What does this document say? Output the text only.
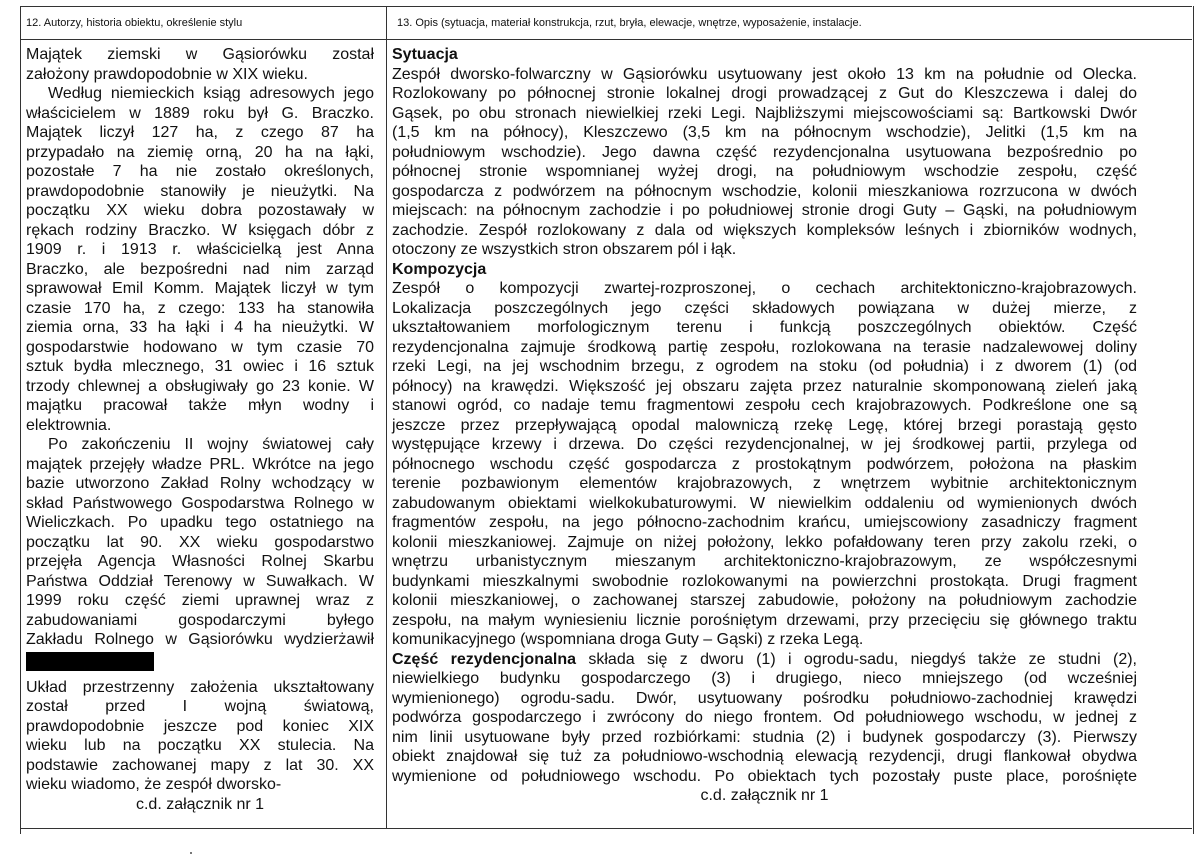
12. Autorzy, historia obiektu, określenie stylu	13. Opis (sytuacja, materiał konstrukcja, rzut, bryła, elewacje, wnętrze, wyposażenie, instalacje.

Majątek ziemski w Gąsiorówku został
założony prawdopodobnie w XIX wieku.

Według niemieckich ksiąg adresowych jego
właścicielem w 1889 roku był G. Braczko.
Majątek liczył 127 ha, z czego 87 ha
przypadało na ziemię orną, 20 ha na łąki,
pozostałe 7 ha nie zostało określonych,
prawdopodobnie stanowiły je nieużytki. Na
początku XX wieku dobra pozostawały w
rękach rodziny Braczko. W księgach dóbr z
1909 r. i 1913 r. właścicielką jest Anna
Braczko, ale bezpośredni nad nim zarząd
sprawował Emil Komm. Majątek liczył w tym
czasie 170 ha, z czego: 133 ha stanowiła
ziemia orna, 33 ha łąki i 4 ha nieużytki. W
gospodarstwie hodowano w tym czasie 70
sztuk bydła mlecznego, 31 owiec i 16 sztuk
trzody chlewnej a obsługiwały go 23 konie. W
majątku pracował także młyn wodny i
elektrownia.

Po zakończeniu II wojny światowej cały
majątek przejęły władze PRL. Wkrótce na jego
bazie utworzono Zakład Rolny wchodzący w
skład Państwowego Gospodarstwa Rolnego w
Wieliczkach. Po upadku tego ostatniego na
początku lat 90. XX wieku gospodarstwo
przejęła Agencja Własności Rolnej Skarbu
Państwa Oddział Terenowy w Suwałkach. W
1999 roku część ziemi uprawnej wraz z
zabudowaniami gospodarczymi byłego
Zakładu Rolnego w Gąsiorówku wydzierżawił

Układ przestrzenny założenia ukształtowany
został przed I wojną światową,
prawdopodobnie jeszcze pod koniec XIX
wieku lub na początku XX stulecia. Na
podstawie zachowanej mapy z lat 30. XX
wieku wiadomo, że zespół dworsko-

c.d. załącznik nr 1

Sytuacja

Zespół dworsko-folwarczny w Gąsiorówku usytuowany jest około 13 km na południe od Olecka.
Rozlokowany po północnej stronie lokalnej drogi prowadzącej z Gut do Kleszczewa i dalej do
Gąsek, po obu stronach niewielkiej rzeki Legi. Najbliższymi miejscowościami są: Bartkowski Dwór
(1,5 km na północy), Kleszczewo (3,5 km na północnym wschodzie), Jelitki (1,5 km na
południowym wschodzie). Jego dawna część rezydencjonalna usytuowana bezpośrednio po
północnej stronie wspomnianej wyżej drogi, na południowym wschodzie zespołu, część
gospodarcza z podwórzem na północnym wschodzie, kolonii mieszkaniowa rozrzucona w dwóch
miejscach: na północnym zachodzie i po południowej stronie drogi Guty – Gąski, na południowym
zachodzie. Zespół rozlokowany z dala od większych kompleksów leśnych i zbiorników wodnych,
otoczony ze wszystkich stron obszarem pól i łąk.

Kompozycja

Zespół o kompozycji zwartej-rozproszonej, o cechach architektoniczno-krajobrazowych.
Lokalizacja poszczególnych jego części składowych powiązana w dużej mierze, z
ukształtowaniem morfologicznym terenu i funkcją poszczególnych obiektów. Część
rezydencjonalna zajmuje środkową partię zespołu, rozlokowana na terasie nadzalewowej doliny
rzeki Legi, na jej wschodnim brzegu, z ogrodem na stoku (od południa) i z dworem (1) (od
północy) na krawędzi. Większość jej obszaru zajęta przez naturalnie skomponowaną zieleń jaką
stanowi ogród, co nadaje temu fragmentowi zespołu cech krajobrazowych. Podkreślone one są
jeszcze przez przepływającą opodal malowniczą rzekę Legę, której brzegi porastają gęsto
występujące krzewy i drzewa. Do części rezydencjonalnej, w jej środkowej partii, przylega od
północnego wschodu część gospodarcza z prostokątnym podwórzem, położona na płaskim
terenie pozbawionym elementów krajobrazowych, z wnętrzem wybitnie architektonicznym
zabudowanym obiektami wielkokubaturowymi. W niewielkim oddaleniu od wymienionych dwóch
fragmentów zespołu, na jego północno-zachodnim krańcu, umiejscowiony zasadniczy fragment
kolonii mieszkaniowej. Zajmuje on niżej położony, lekko pofałdowany teren przy zakolu rzeki, o
wnętrzu urbanistycznym mieszanym architektoniczno-krajobrazowym, ze współczesnymi
budynkami mieszkalnymi swobodnie rozlokowanymi na powierzchni prostokąta. Drugi fragment
kolonii mieszkaniowej, o zachowanej starszej zabudowie, położony na południowym zachodzie
zespołu, na małym wyniesieniu licznie porośniętym drzewami, przy przecięciu się głównego traktu
komunikacyjnego (wspomniana droga Guty – Gąski) z rzeka Legą.

Część rezydencjonalna składa się z dworu (1) i ogrodu-sadu, niegdyś także ze studni (2),
niewielkiego budynku gospodarczego (3) i drugiego, nieco mniejszego (od wcześniej
wymienionego) ogrodu-sadu. Dwór, usytuowany pośrodku południowo-zachodniej krawędzi
podwórza gospodarczego i zwrócony do niego frontem. Od południowego wschodu, w jednej z
nim linii usytuowane były przed rozbiórkami: studnia (2) i budynek gospodarczy (3). Pierwszy
obiekt znajdował się tuż za południowo-wschodnią elewacją rezydencji, drugi flankował obydwa
wymienione od południowego wschodu. Po obiektach tych pozostały puste place, porośnięte

c.d. załącznik nr 1
